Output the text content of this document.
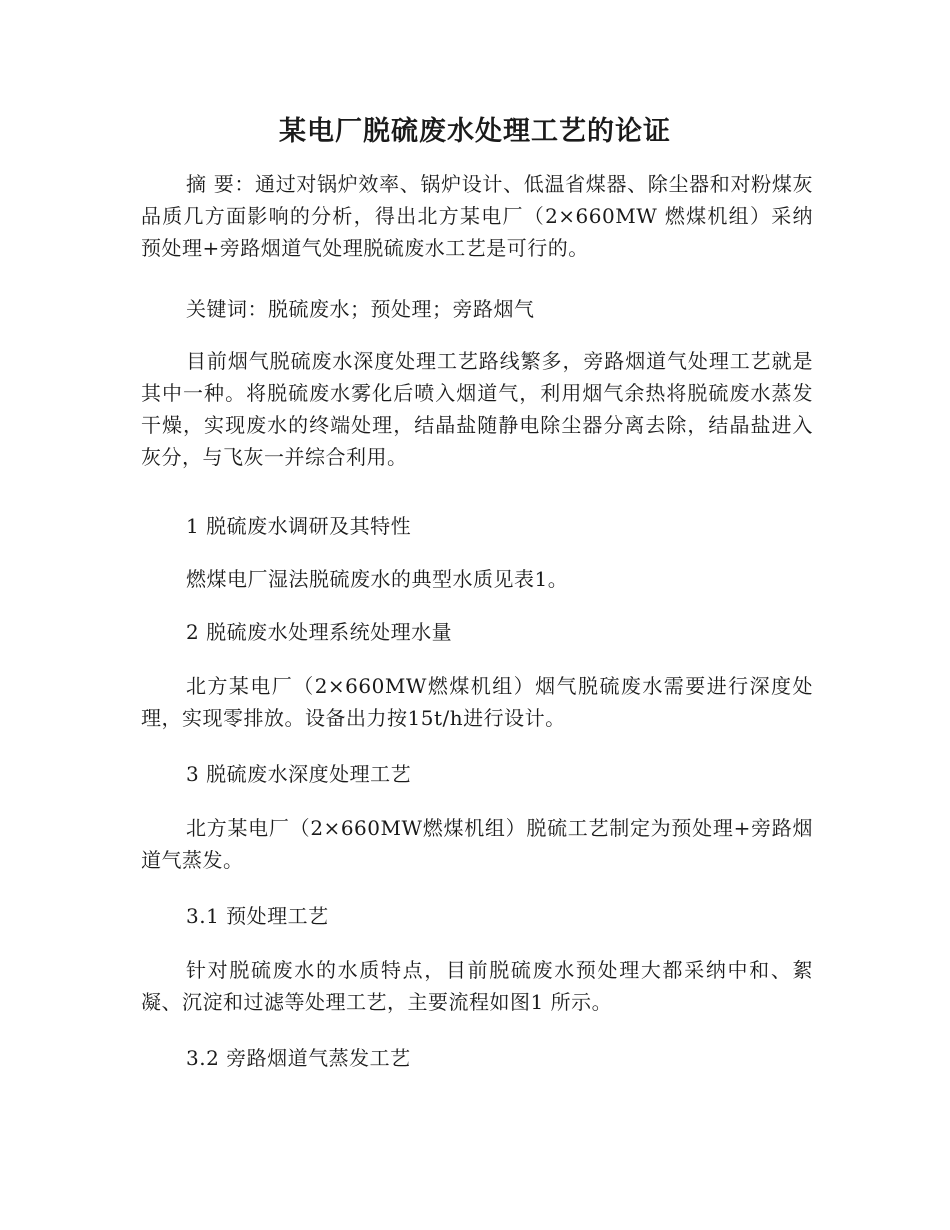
某电厂脱硫废水处理工艺的论证

摘 要：通过对锅炉效率、锅炉设计、低温省煤器、除尘器和对粉煤灰品质几方面影响的分析，得出北方某电厂（2×660MW 燃煤机组）采纳预处理+旁路烟道气处理脱硫废水工艺是可行的。

关键词：脱硫废水；预处理；旁路烟气

目前烟气脱硫废水深度处理工艺路线繁多，旁路烟道气处理工艺就是其中一种。将脱硫废水雾化后喷入烟道气，利用烟气余热将脱硫废水蒸发干燥，实现废水的终端处理，结晶盐随静电除尘器分离去除，结晶盐进入灰分，与飞灰一并综合利用。

1 脱硫废水调研及其特性

燃煤电厂湿法脱硫废水的典型水质见表1。

2 脱硫废水处理系统处理水量

北方某电厂（2×660MW燃煤机组）烟气脱硫废水需要进行深度处理，实现零排放。设备出力按15t/h进行设计。

3 脱硫废水深度处理工艺

北方某电厂（2×660MW燃煤机组）脱硫工艺制定为预处理+旁路烟道气蒸发。

3.1 预处理工艺

针对脱硫废水的水质特点，目前脱硫废水预处理大都采纳中和、絮凝、沉淀和过滤等处理工艺，主要流程如图1 所示。

3.2 旁路烟道气蒸发工艺
